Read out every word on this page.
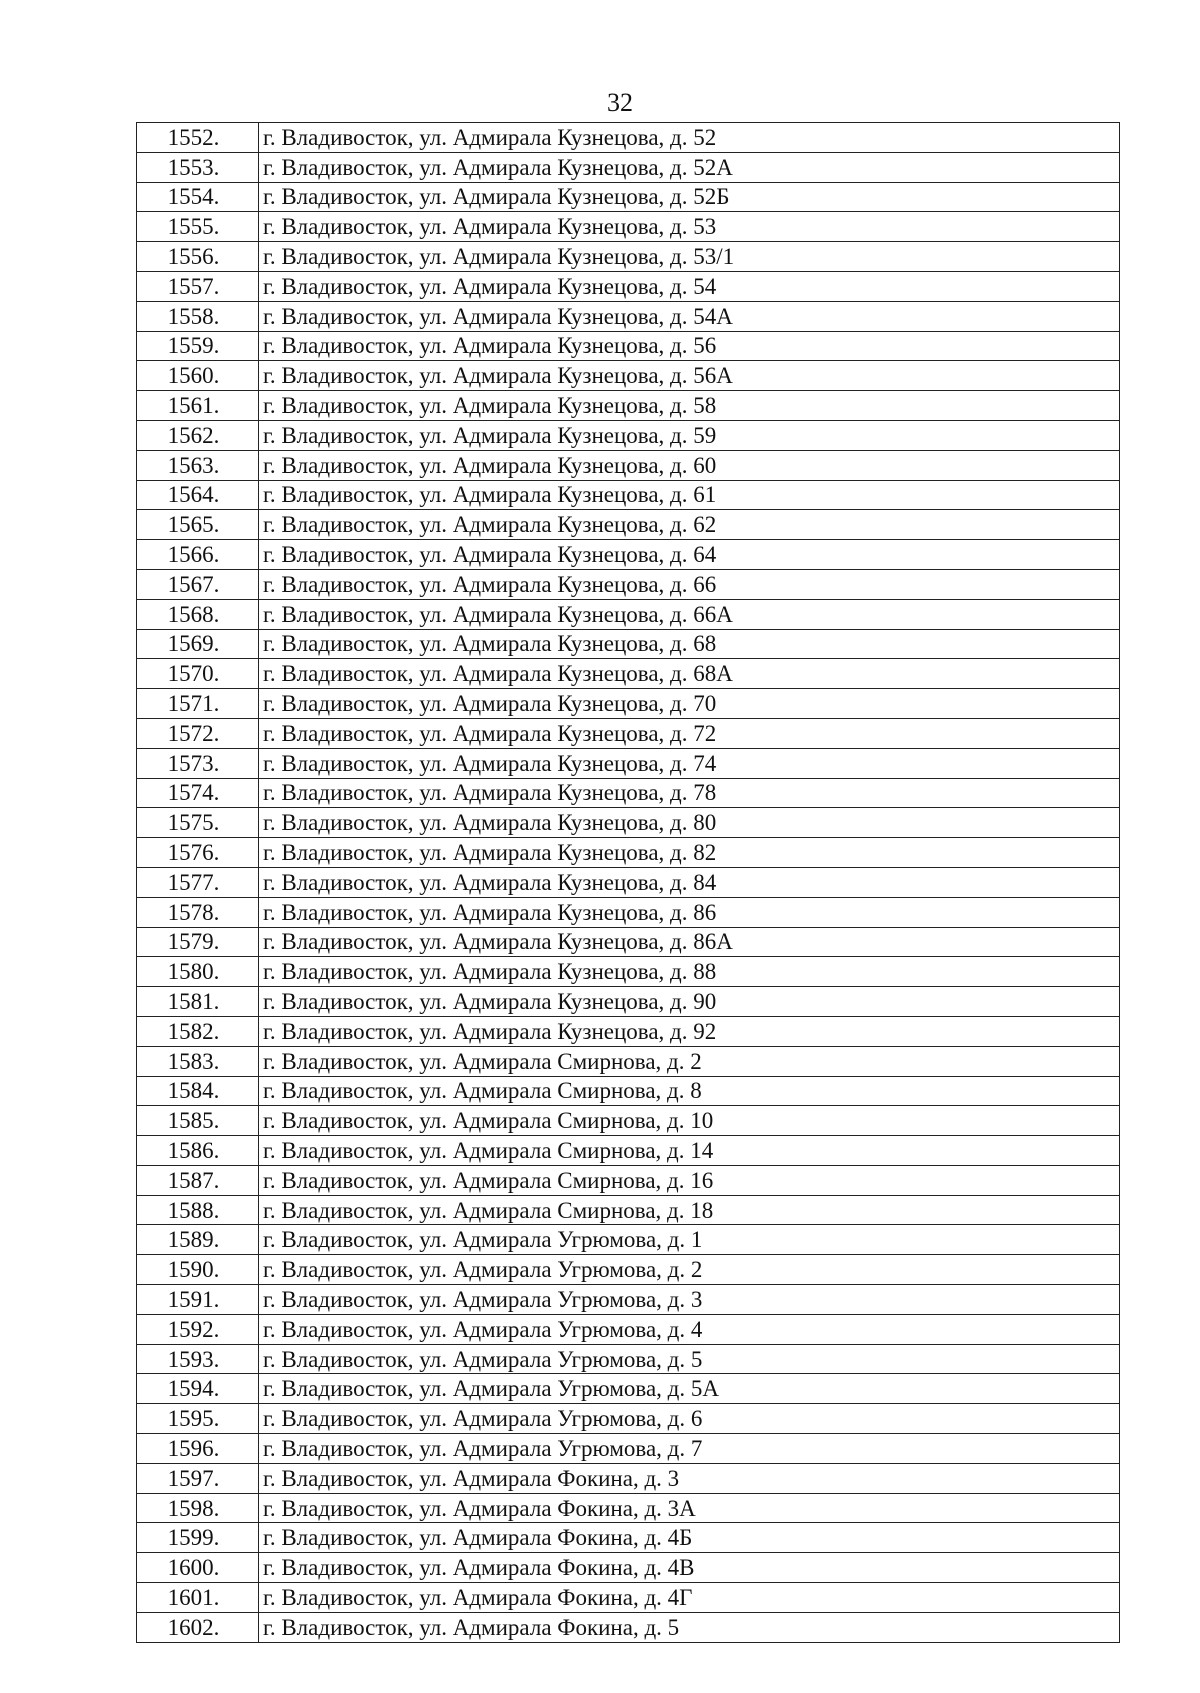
32
1552.	г. Владивосток, ул. Адмирала Кузнецова, д. 52
1553.	г. Владивосток, ул. Адмирала Кузнецова, д. 52А
1554.	г. Владивосток, ул. Адмирала Кузнецова, д. 52Б
1555.	г. Владивосток, ул. Адмирала Кузнецова, д. 53
1556.	г. Владивосток, ул. Адмирала Кузнецова, д. 53/1
1557.	г. Владивосток, ул. Адмирала Кузнецова, д. 54
1558.	г. Владивосток, ул. Адмирала Кузнецова, д. 54А
1559.	г. Владивосток, ул. Адмирала Кузнецова, д. 56
1560.	г. Владивосток, ул. Адмирала Кузнецова, д. 56А
1561.	г. Владивосток, ул. Адмирала Кузнецова, д. 58
1562.	г. Владивосток, ул. Адмирала Кузнецова, д. 59
1563.	г. Владивосток, ул. Адмирала Кузнецова, д. 60
1564.	г. Владивосток, ул. Адмирала Кузнецова, д. 61
1565.	г. Владивосток, ул. Адмирала Кузнецова, д. 62
1566.	г. Владивосток, ул. Адмирала Кузнецова, д. 64
1567.	г. Владивосток, ул. Адмирала Кузнецова, д. 66
1568.	г. Владивосток, ул. Адмирала Кузнецова, д. 66А
1569.	г. Владивосток, ул. Адмирала Кузнецова, д. 68
1570.	г. Владивосток, ул. Адмирала Кузнецова, д. 68А
1571.	г. Владивосток, ул. Адмирала Кузнецова, д. 70
1572.	г. Владивосток, ул. Адмирала Кузнецова, д. 72
1573.	г. Владивосток, ул. Адмирала Кузнецова, д. 74
1574.	г. Владивосток, ул. Адмирала Кузнецова, д. 78
1575.	г. Владивосток, ул. Адмирала Кузнецова, д. 80
1576.	г. Владивосток, ул. Адмирала Кузнецова, д. 82
1577.	г. Владивосток, ул. Адмирала Кузнецова, д. 84
1578.	г. Владивосток, ул. Адмирала Кузнецова, д. 86
1579.	г. Владивосток, ул. Адмирала Кузнецова, д. 86А
1580.	г. Владивосток, ул. Адмирала Кузнецова, д. 88
1581.	г. Владивосток, ул. Адмирала Кузнецова, д. 90
1582.	г. Владивосток, ул. Адмирала Кузнецова, д. 92
1583.	г. Владивосток, ул. Адмирала Смирнова, д. 2
1584.	г. Владивосток, ул. Адмирала Смирнова, д. 8
1585.	г. Владивосток, ул. Адмирала Смирнова, д. 10
1586.	г. Владивосток, ул. Адмирала Смирнова, д. 14
1587.	г. Владивосток, ул. Адмирала Смирнова, д. 16
1588.	г. Владивосток, ул. Адмирала Смирнова, д. 18
1589.	г. Владивосток, ул. Адмирала Угрюмова, д. 1
1590.	г. Владивосток, ул. Адмирала Угрюмова, д. 2
1591.	г. Владивосток, ул. Адмирала Угрюмова, д. 3
1592.	г. Владивосток, ул. Адмирала Угрюмова, д. 4
1593.	г. Владивосток, ул. Адмирала Угрюмова, д. 5
1594.	г. Владивосток, ул. Адмирала Угрюмова, д. 5А
1595.	г. Владивосток, ул. Адмирала Угрюмова, д. 6
1596.	г. Владивосток, ул. Адмирала Угрюмова, д. 7
1597.	г. Владивосток, ул. Адмирала Фокина, д. 3
1598.	г. Владивосток, ул. Адмирала Фокина, д. 3А
1599.	г. Владивосток, ул. Адмирала Фокина, д. 4Б
1600.	г. Владивосток, ул. Адмирала Фокина, д. 4В
1601.	г. Владивосток, ул. Адмирала Фокина, д. 4Г
1602.	г. Владивосток, ул. Адмирала Фокина, д. 5
